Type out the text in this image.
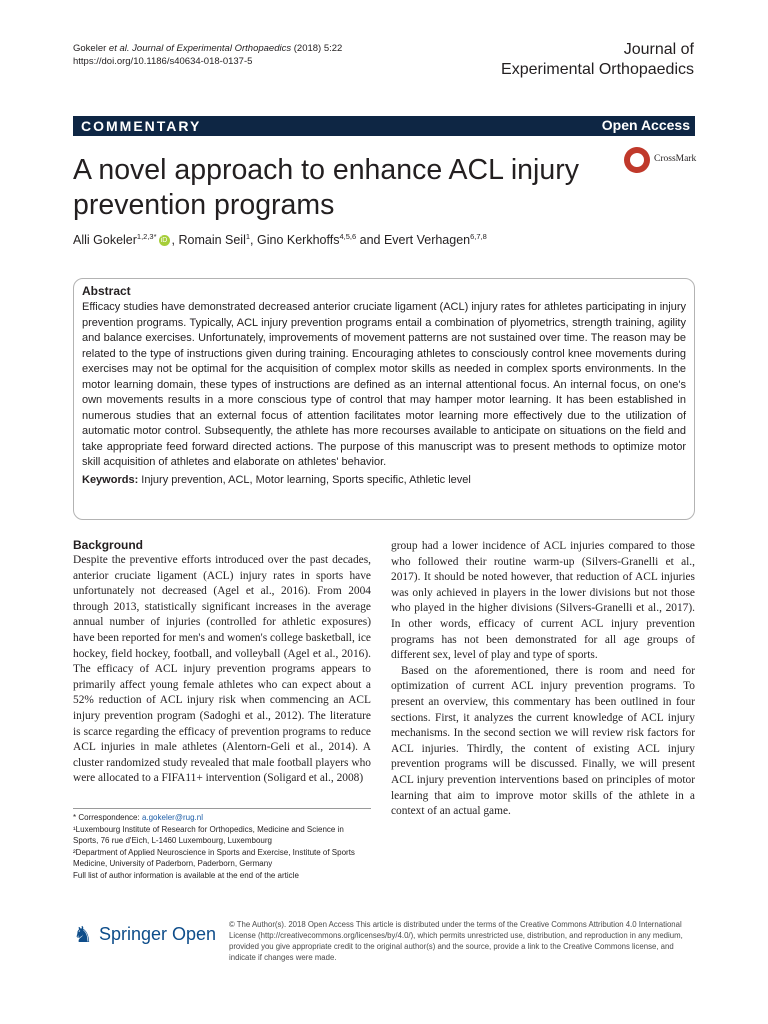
Gokeler et al. Journal of Experimental Orthopaedics (2018) 5:22
https://doi.org/10.1186/s40634-018-0137-5
Journal of
Experimental Orthopaedics
COMMENTARY	Open Access
A novel approach to enhance ACL injury prevention programs
CrossMark
Alli Gokeler$^{1,2,3*}$ iD , Romain Seil$^1$, Gino Kerkhoffs$^{4,5,6}$ and Evert Verhagen$^{6,7,8}$
Abstract

Efficacy studies have demonstrated decreased anterior cruciate ligament (ACL) injury rates for athletes participating in injury prevention programs. Typically, ACL injury prevention programs entail a combination of plyometrics, strength training, agility and balance exercises. Unfortunately, improvements of movement patterns are not sustained over time. The reason may be related to the type of instructions given during training. Encouraging athletes to consciously control knee movements during exercises may not be optimal for the acquisition of complex motor skills as needed in complex sports environments. In the motor learning domain, these types of instructions are defined as an internal attentional focus. An internal focus, on one's own movements results in a more conscious type of control that may hamper motor learning. It has been established in numerous studies that an external focus of attention facilitates motor learning more effectively due to the utilization of automatic motor control. Subsequently, the athlete has more recourses available to anticipate on situations on the field and take appropriate feed forward directed actions. The purpose of this manuscript was to present methods to optimize motor skill acquisition of athletes and elaborate on athletes' behavior.

Keywords: Injury prevention, ACL, Motor learning, Sports specific, Athletic level

Background

Despite the preventive efforts introduced over the past decades, anterior cruciate ligament (ACL) injury rates in sports have unfortunately not decreased (Agel et al., 2016). From 2004 through 2013, statistically significant increases in the average annual number of injuries (controlled for athletic exposures) have been reported for men's and women's college basketball, ice hockey, field hockey, football, and volleyball (Agel et al., 2016). The efficacy of ACL injury prevention programs appears to primarily affect young female athletes who can expect about a 52% reduction of ACL injury risk when commencing an ACL injury prevention program (Sadoghi et al., 2012). The literature is scarce regarding the efficacy of prevention programs to reduce ACL injuries in male athletes (Alentorn-Geli et al., 2014). A cluster randomized study revealed that male football players who were allocated to a FIFA11+ intervention (Soligard et al., 2008)

group had a lower incidence of ACL injuries compared to those who followed their routine warm-up (Silvers-Granelli et al., 2017). It should be noted however, that reduction of ACL injuries was only achieved in players in the lower divisions but not those who played in the higher divisions (Silvers-Granelli et al., 2017). In other words, efficacy of current ACL injury prevention programs has not been demonstrated for all age groups of different sex, level of play and type of sports.

Based on the aforementioned, there is room and need for optimization of current ACL injury prevention programs. To present an overview, this commentary has been outlined in four sections. First, it analyzes the current knowledge of ACL injury mechanisms. In the second section we will review risk factors for ACL injuries. Thirdly, the content of existing ACL injury prevention programs will be discussed. Finally, we will present ACL injury prevention interventions based on principles of motor learning that aim to improve motor skills of the athlete in a context of an actual game.

* Correspondence: a.gokeler@rug.nl
¹Luxembourg Institute of Research for Orthopedics, Medicine and Science in Sports, 76 rue d'Eich, L-1460 Luxembourg, Luxembourg
²Department of Applied Neuroscience in Sports and Exercise, Institute of Sports Medicine, University of Paderborn, Paderborn, Germany
Full list of author information is available at the end of the article
♞ Springer Open © The Author(s). 2018 Open Access This article is distributed under the terms of the Creative Commons Attribution 4.0 International License (http://creativecommons.org/licenses/by/4.0/), which permits unrestricted use, distribution, and reproduction in any medium, provided you give appropriate credit to the original author(s) and the source, provide a link to the Creative Commons license, and indicate if changes were made.
